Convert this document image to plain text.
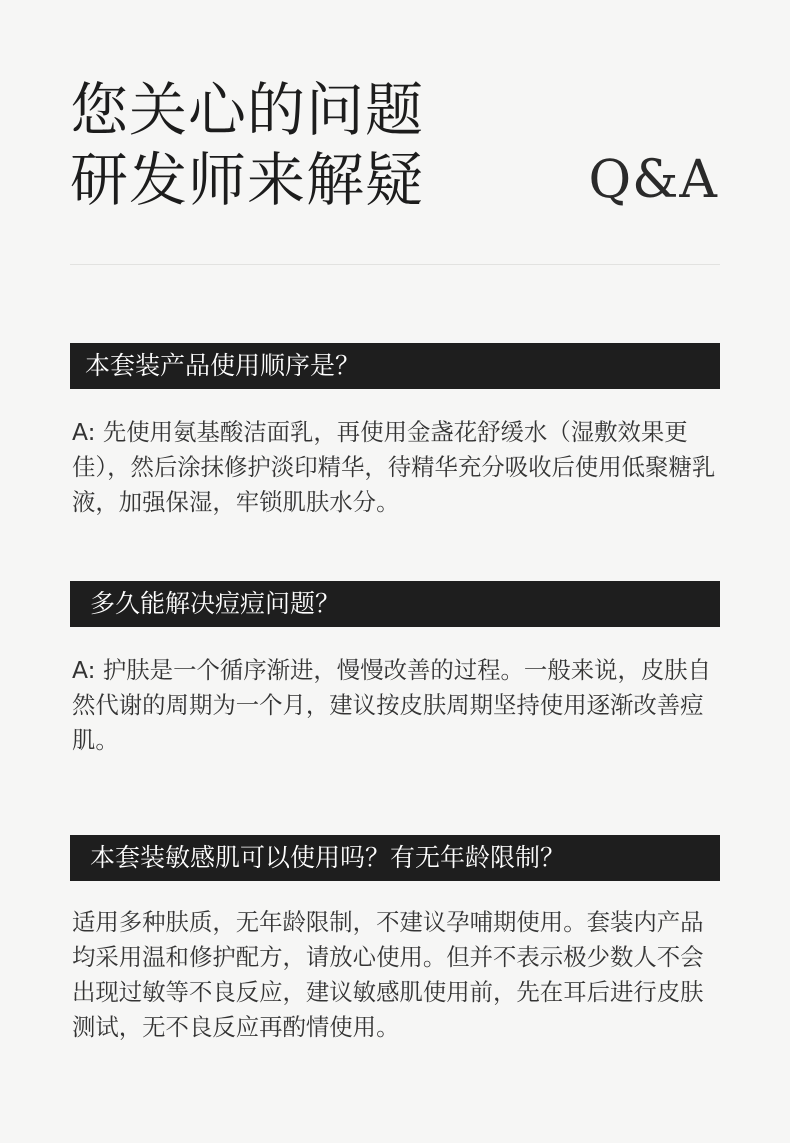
您关心的问题
研发师来解疑	Q&A
本套装产品使用顺序是？

A: 先使用氨基酸洁面乳，再使用金盏花舒缓水（湿敷效果更佳），然后涂抹修护淡印精华，待精华充分吸收后使用低聚糖乳液，加强保湿，牢锁肌肤水分。

多久能解决痘痘问题？

A: 护肤是一个循序渐进，慢慢改善的过程。一般来说，皮肤自然代谢的周期为一个月，建议按皮肤周期坚持使用逐渐改善痘肌。

本套装敏感肌可以使用吗？有无年龄限制？

适用多种肤质，无年龄限制，不建议孕哺期使用。套装内产品均采用温和修护配方，请放心使用。但并不表示极少数人不会出现过敏等不良反应，建议敏感肌使用前，先在耳后进行皮肤测试，无不良反应再酌情使用。
